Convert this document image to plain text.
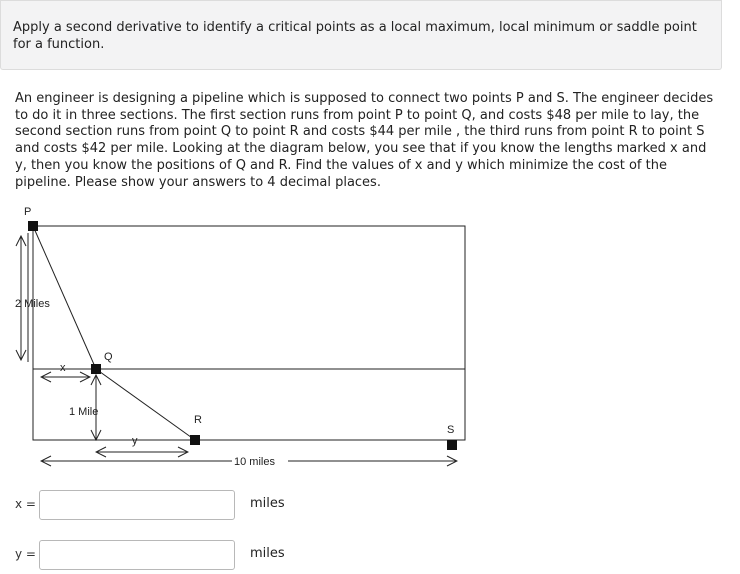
Apply a second derivative to identify a critical points as a local maximum, local minimum or saddle point for a function.
An engineer is designing a pipeline which is supposed to connect two points P and S. The engineer decides to do it in three sections. The first section runs from point P to point Q, and costs $48 per mile to lay, the second section runs from point Q to point R and costs $44 per mile , the third runs from point R to point S and costs $42 per mile. Looking at the diagram below, you see that if you know the lengths marked x and y, then you know the positions of Q and R. Find the values of x and y which minimize the cost of the pipeline. Please show your answers to 4 decimal places.
2 Miles
x
1 Mile
y
10 miles
P
Q
R
S
x =	miles
y =	miles
